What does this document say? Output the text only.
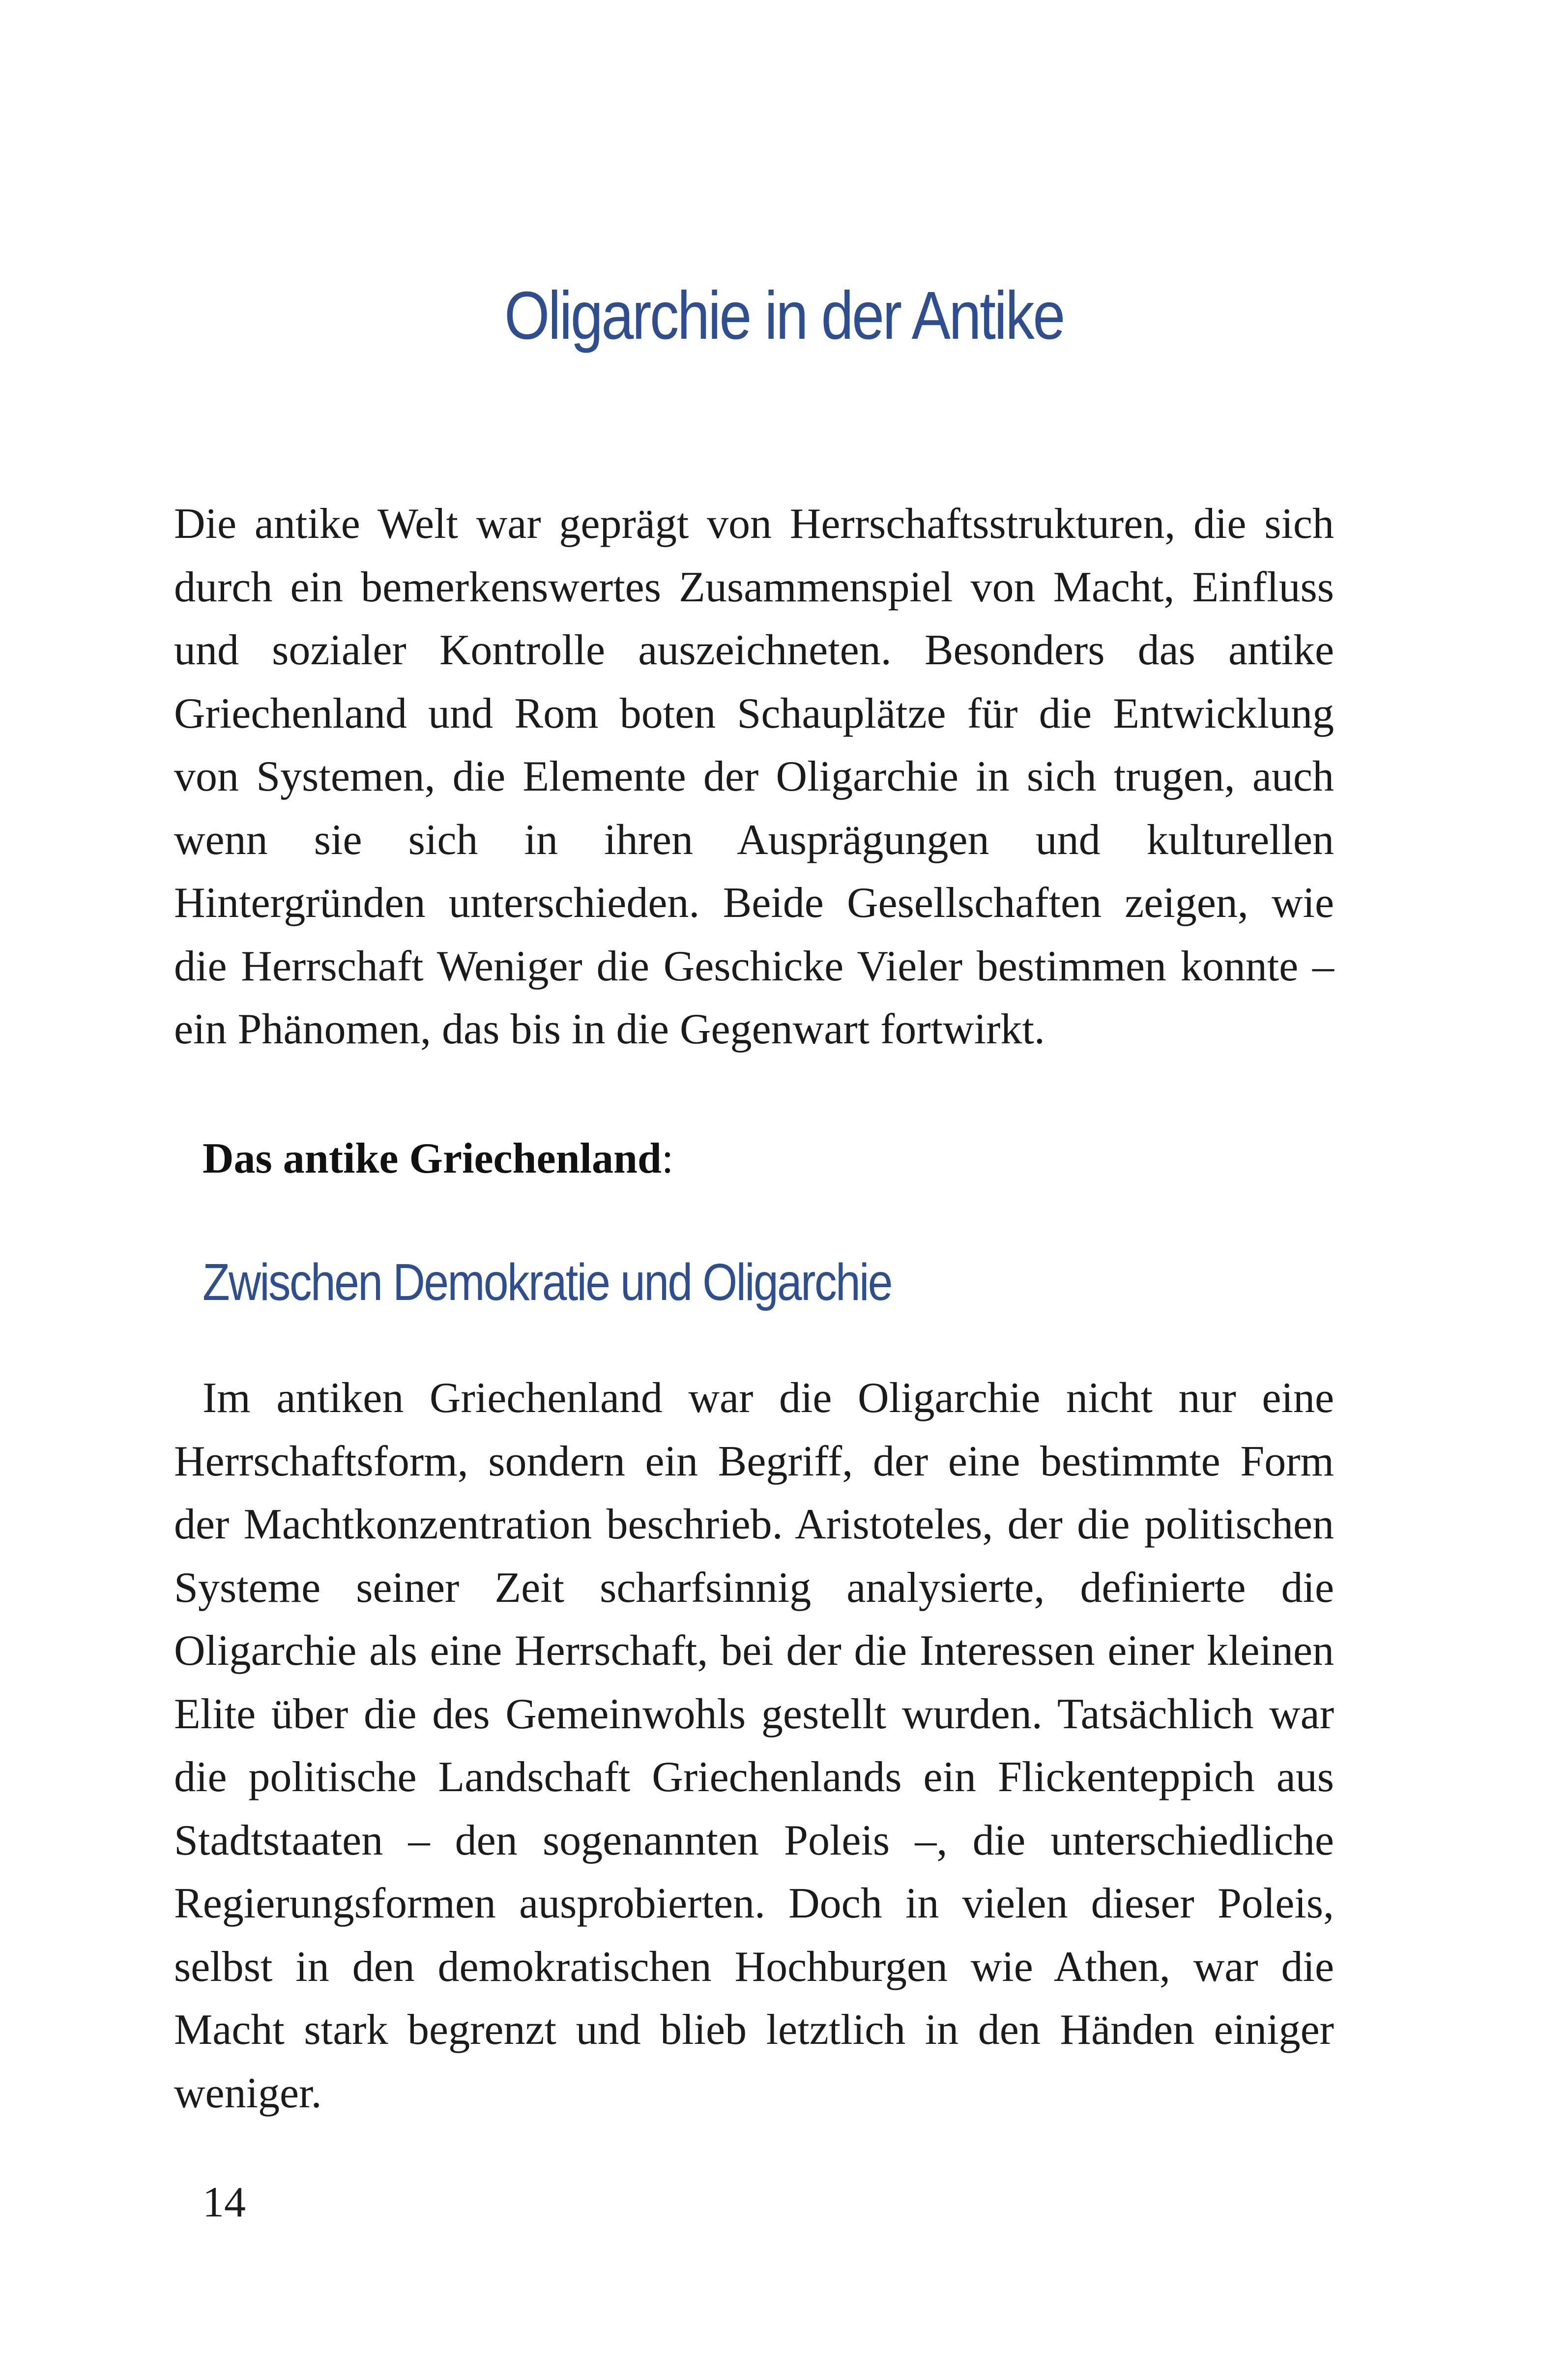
Oligarchie in der Antike

Die antike Welt war geprägt von Herrschaftsstrukturen, die sich durch ein bemerkenswertes Zusammenspiel von Macht, Einfluss und sozialer Kontrolle auszeichneten. Besonders das antike Griechenland und Rom boten Schauplätze für die Entwicklung von Systemen, die Elemente der Oligarchie in sich trugen, auch wenn sie sich in ihren Ausprägungen und kulturellen Hintergründen unterschieden. Beide Gesellschaften zeigen, wie die Herrschaft Weniger die Geschicke Vieler bestimmen konnte – ein Phänomen, das bis in die Gegenwart fortwirkt.

Das antike Griechenland:

Zwischen Demokratie und Oligarchie

Im antiken Griechenland war die Oligarchie nicht nur eine Herrschaftsform, sondern ein Begriff, der eine bestimmte Form der Machtkonzentration beschrieb. Aristoteles, der die politischen Systeme seiner Zeit scharfsinnig analysierte, definierte die Oligarchie als eine Herrschaft, bei der die Interessen einer kleinen Elite über die des Gemeinwohls gestellt wurden. Tatsächlich war die politische Landschaft Griechenlands ein Flickenteppich aus Stadtstaaten – den sogenannten Poleis –, die unterschiedliche Regierungsformen ausprobierten. Doch in vielen dieser Poleis, selbst in den demokratischen Hochburgen wie Athen, war die Macht stark begrenzt und blieb letztlich in den Händen einiger weniger.

14
